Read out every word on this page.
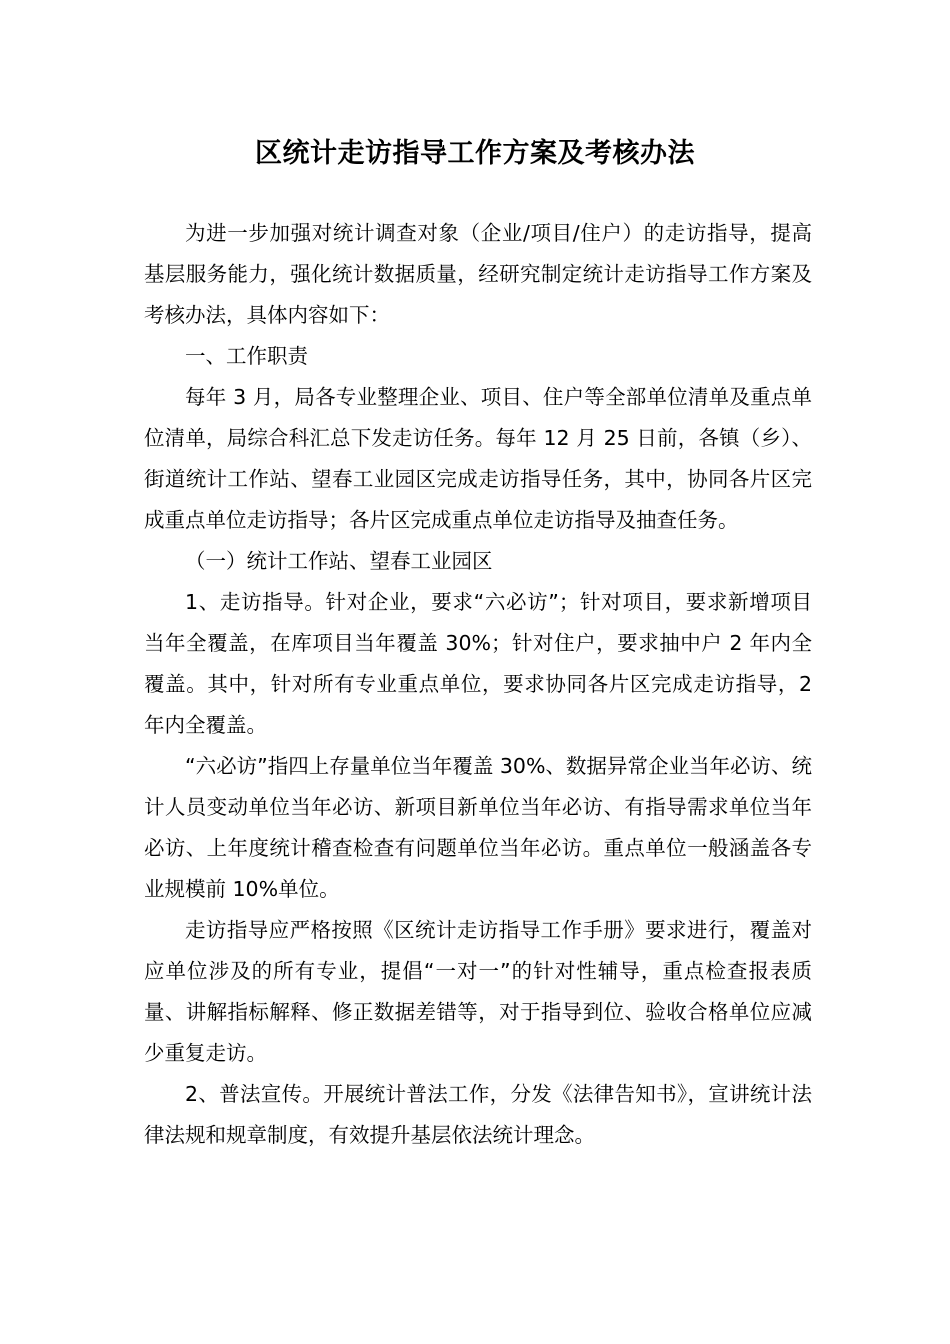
区统计走访指导工作方案及考核办法

为进一步加强对统计调查对象（企业/项目/住户）的走访指导，提高基层服务能力，强化统计数据质量，经研究制定统计走访指导工作方案及考核办法，具体内容如下：

一、工作职责

每年 3 月，局各专业整理企业、项目、住户等全部单位清单及重点单位清单，局综合科汇总下发走访任务。每年 12 月 25 日前，各镇（乡）、街道统计工作站、望春工业园区完成走访指导任务，其中，协同各片区完成重点单位走访指导；各片区完成重点单位走访指导及抽查任务。

（一）统计工作站、望春工业园区

1、走访指导。针对企业，要求“六必访”；针对项目，要求新增项目当年全覆盖，在库项目当年覆盖 30%；针对住户，要求抽中户 2 年内全覆盖。其中，针对所有专业重点单位，要求协同各片区完成走访指导，2 年内全覆盖。

“六必访”指四上存量单位当年覆盖 30%、数据异常企业当年必访、统计人员变动单位当年必访、新项目新单位当年必访、有指导需求单位当年必访、上年度统计稽查检查有问题单位当年必访。重点单位一般涵盖各专业规模前 10%单位。

走访指导应严格按照《区统计走访指导工作手册》要求进行，覆盖对应单位涉及的所有专业，提倡“一对一”的针对性辅导，重点检查报表质量、讲解指标解释、修正数据差错等，对于指导到位、验收合格单位应减少重复走访。

2、普法宣传。开展统计普法工作，分发《法律告知书》，宣讲统计法律法规和规章制度，有效提升基层依法统计理念。
